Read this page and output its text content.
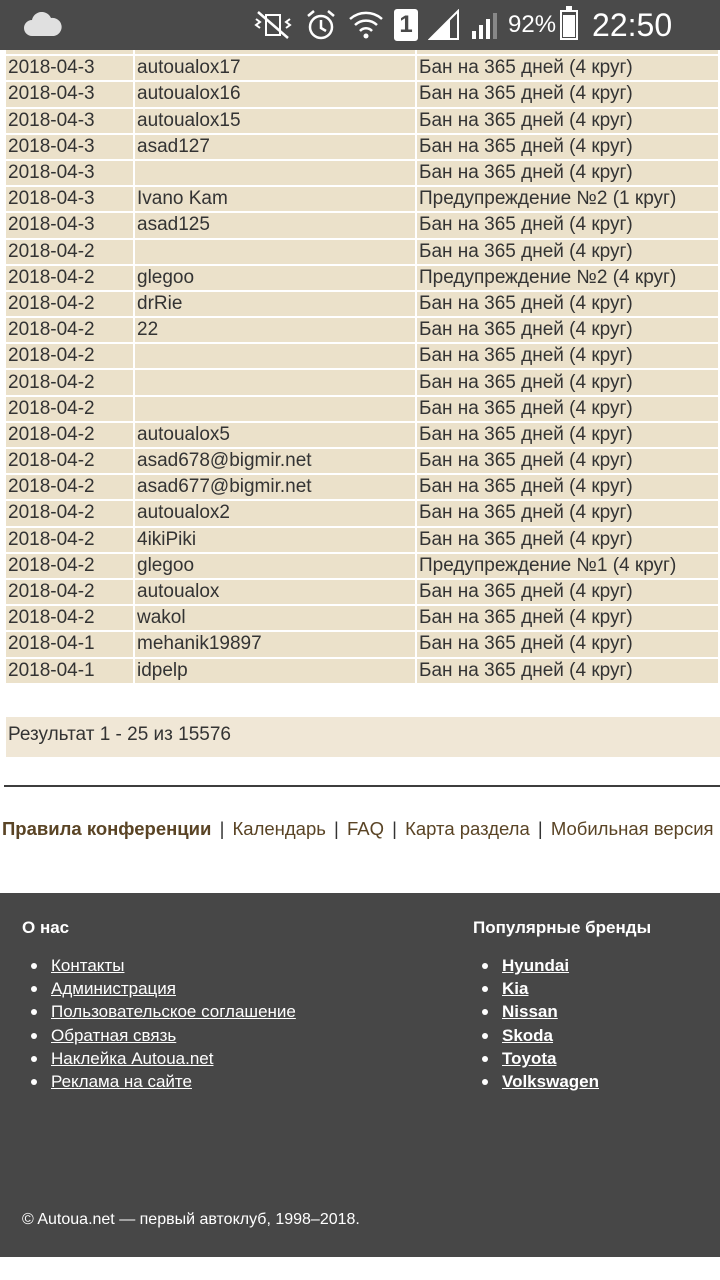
1	92% 22:50

2018-04-3	autoualox17	Бан на 365 дней (4 круг)
2018-04-3	autoualox16	Бан на 365 дней (4 круг)
2018-04-3	autoualox15	Бан на 365 дней (4 круг)
2018-04-3	asad127	Бан на 365 дней (4 круг)
2018-04-3		Бан на 365 дней (4 круг)
2018-04-3	Ivano Kam	Предупреждение №2 (1 круг)
2018-04-3	asad125	Бан на 365 дней (4 круг)
2018-04-2		Бан на 365 дней (4 круг)
2018-04-2	glegoo	Предупреждение №2 (4 круг)
2018-04-2	drRie	Бан на 365 дней (4 круг)
2018-04-2	22	Бан на 365 дней (4 круг)
2018-04-2		Бан на 365 дней (4 круг)
2018-04-2		Бан на 365 дней (4 круг)
2018-04-2		Бан на 365 дней (4 круг)
2018-04-2	autoualox5	Бан на 365 дней (4 круг)
2018-04-2	asad678@bigmir.net	Бан на 365 дней (4 круг)
2018-04-2	asad677@bigmir.net	Бан на 365 дней (4 круг)
2018-04-2	autoualox2	Бан на 365 дней (4 круг)
2018-04-2	4ikiPiki	Бан на 365 дней (4 круг)
2018-04-2	glegoo	Предупреждение №1 (4 круг)
2018-04-2	autoualox	Бан на 365 дней (4 круг)
2018-04-2	wakol	Бан на 365 дней (4 круг)
2018-04-1	mehanik19897	Бан на 365 дней (4 круг)
2018-04-1	idpelp	Бан на 365 дней (4 круг)
Результат 1 - 25 из 15576
Правила конференции | Календарь | FAQ | Карта раздела | Мобильная версия
О нас
Контакты
Администрация
Пользовательское соглашение
Обратная связь
Наклейка Autoua.net
Реклама на сайте
Популярные бренды
Hyundai
Kia
Nissan
Skoda
Toyota
Volkswagen
© Autoua.net — первый автоклуб, 1998–2018.
